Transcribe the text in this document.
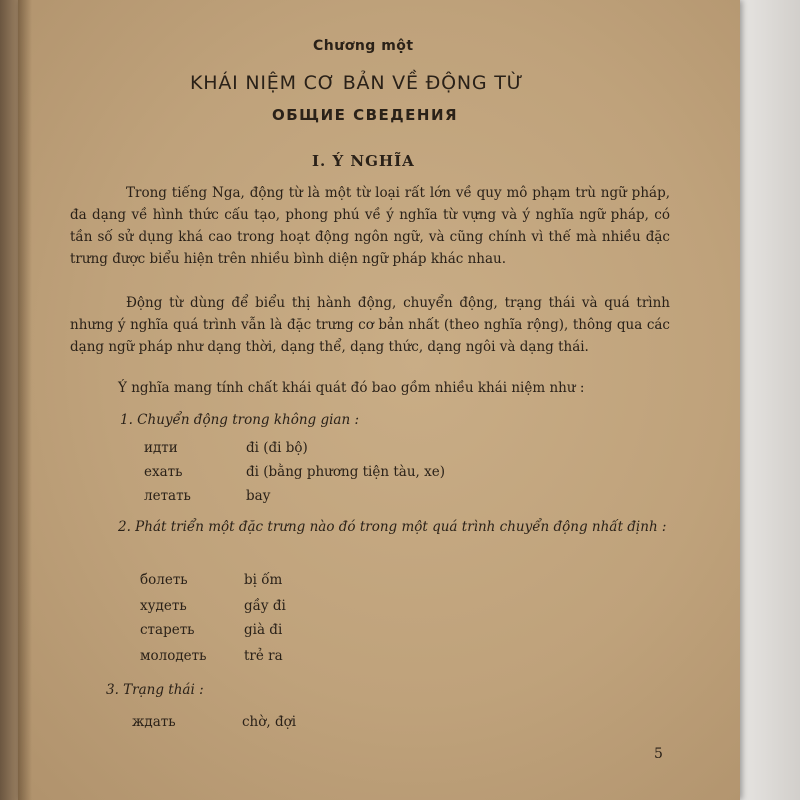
Chương một
KHÁI NIỆM CƠ BẢN VỀ ĐỘNG TỪ
ОБЩИЕ СВЕДЕНИЯ
I. Ý NGHĨA
Trong tiếng Nga, động từ là một từ loại rất lớn về quy mô phạm trù ngữ pháp, đa dạng về hình thức cấu tạo, phong phú về ý nghĩa từ vựng và ý nghĩa ngữ pháp, có tần số sử dụng khá cao trong hoạt động ngôn ngữ, và cũng chính vì thế mà nhiều đặc trưng được biểu hiện trên nhiều bình diện ngữ pháp khác nhau.
Động từ dùng để biểu thị hành động, chuyển động, trạng thái và quá trình nhưng ý nghĩa quá trình vẫn là đặc trưng cơ bản nhất (theo nghĩa rộng), thông qua các dạng ngữ pháp như dạng thời, dạng thể, dạng thức, dạng ngôi và dạng thái.
Ý nghĩa mang tính chất khái quát đó bao gồm nhiều khái niệm như :
1. Chuyển động trong không gian :
идти	đi (đi bộ)
ехать	đi (bằng phương tiện tàu, xe)
летать	bay
2. Phát triển một đặc trưng nào đó trong một quá trình chuyển động nhất định :
болеть	bị ốm
худеть	gầy đi
стареть	già đi
молодеть	trẻ ra
3. Trạng thái :
ждать	chờ, đợi
5
